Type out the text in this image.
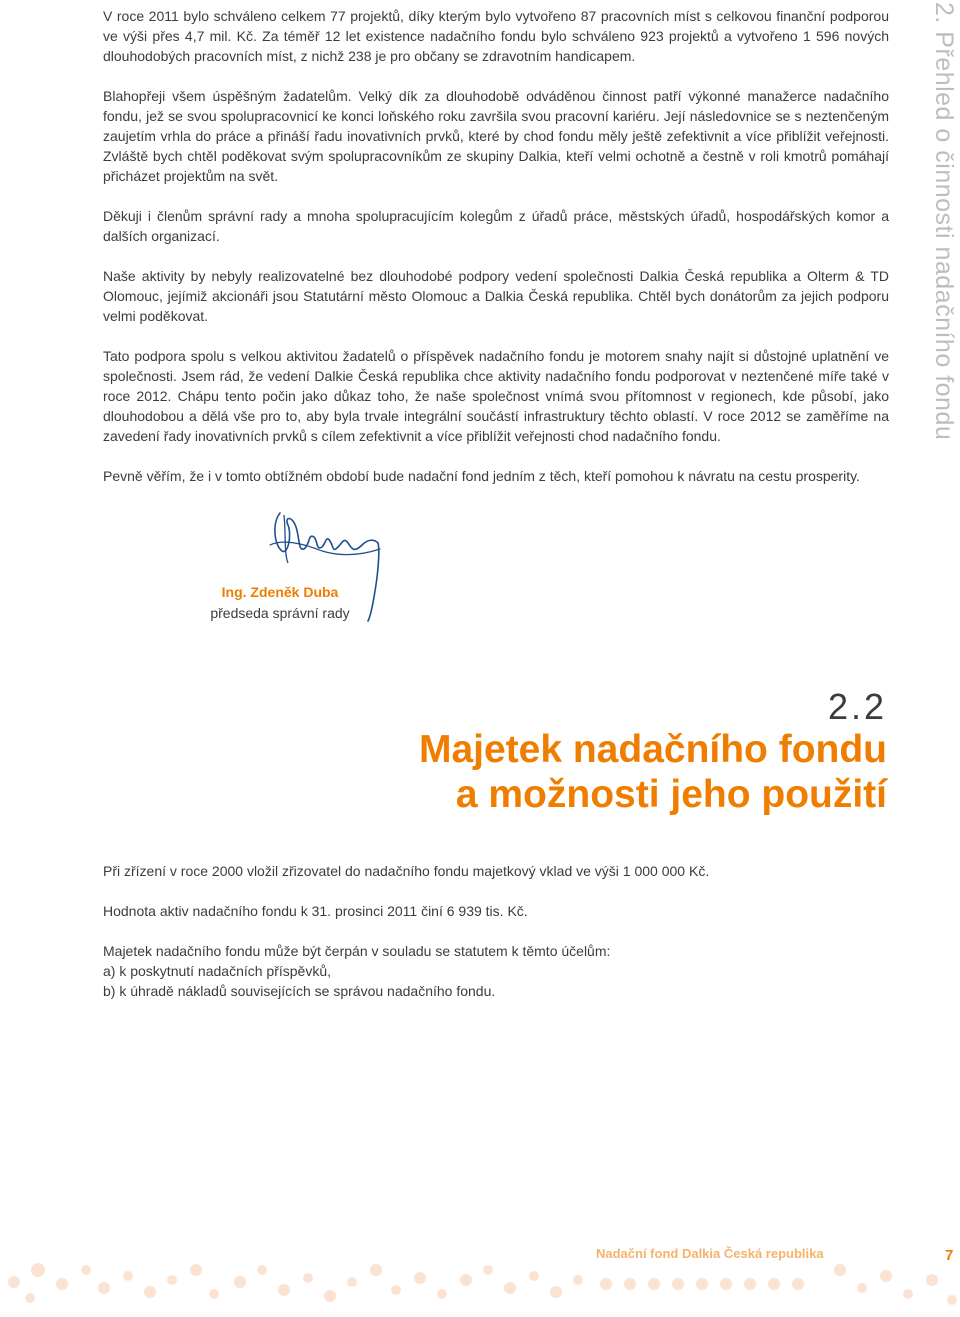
2. Přehled o činnosti nadačního fondu

V roce 2011 bylo schváleno celkem 77 projektů, díky kterým bylo vytvořeno 87 pracovních míst s celkovou finanční podporou ve výši přes 4,7 mil. Kč. Za téměř 12 let existence nadačního fondu bylo schváleno 923 projektů a vytvořeno 1 596 nových dlouhodobých pracovních míst, z nichž 238 je pro občany se zdravotním handicapem.

Blahopřeji všem úspěšným žadatelům. Velký dík za dlouhodobě odváděnou činnost patří výkonné manažerce nadačního fondu, jež se svou spolupracovnicí ke konci loňského roku završila svou pracovní kariéru. Její následovnice se s neztenčeným zaujetím vrhla do práce a přináší řadu inovativních prvků, které by chod fondu měly ještě zefektivnit a více přiblížit veřejnosti. Zvláště bych chtěl poděkovat svým spolupracovníkům ze skupiny Dalkia, kteří velmi ochotně a čestně v roli kmotrů pomáhají přicházet projektům na svět.

Děkuji i členům správní rady a mnoha spolupracujícím kolegům z úřadů práce, městských úřadů, hospodářských komor a dalších organizací.

Naše aktivity by nebyly realizovatelné bez dlouhodobé podpory vedení společnosti Dalkia Česká republika a Olterm & TD Olomouc, jejímiž akcionáři jsou Statutární město Olomouc a Dalkia Česká republika. Chtěl bych donátorům za jejich podporu velmi poděkovat.

Tato podpora spolu s velkou aktivitou žadatelů o příspěvek nadačního fondu je motorem snahy najít si důstojné uplatnění ve společnosti. Jsem rád, že vedení Dalkie Česká republika chce aktivity nadačního fondu podporovat v neztenčené míře také v roce 2012. Chápu tento počin jako důkaz toho, že naše společnost vnímá svou přítomnost v regionech, kde působí, jako dlouhodobou a dělá vše pro to, aby byla trvale integrální součástí infrastruktury těchto oblastí. V roce 2012 se zaměříme na zavedení řady inovativních prvků s cílem zefektivnit a více přiblížit veřejnosti chod nadačního fondu.

Pevně věřím, že i v tomto obtížném období bude nadační fond jedním z těch, kteří pomohou k návratu na cestu prosperity.

Ing. Zdeněk Duba
předseda správní rady
2.2
Majetek nadačního fondu
a možnosti jeho použití

Při zřízení v roce 2000 vložil zřizovatel do nadačního fondu majetkový vklad ve výši 1 000 000 Kč.

Hodnota aktiv nadačního fondu k 31. prosinci 2011 činí 6 939 tis. Kč.

Majetek nadačního fondu může být čerpán v souladu se statutem k těmto účelům:

a) k poskytnutí nadačních příspěvků,

b) k úhradě nákladů souvisejících se správou nadačního fondu.

Nadační fond Dalkia Česká republika	7
